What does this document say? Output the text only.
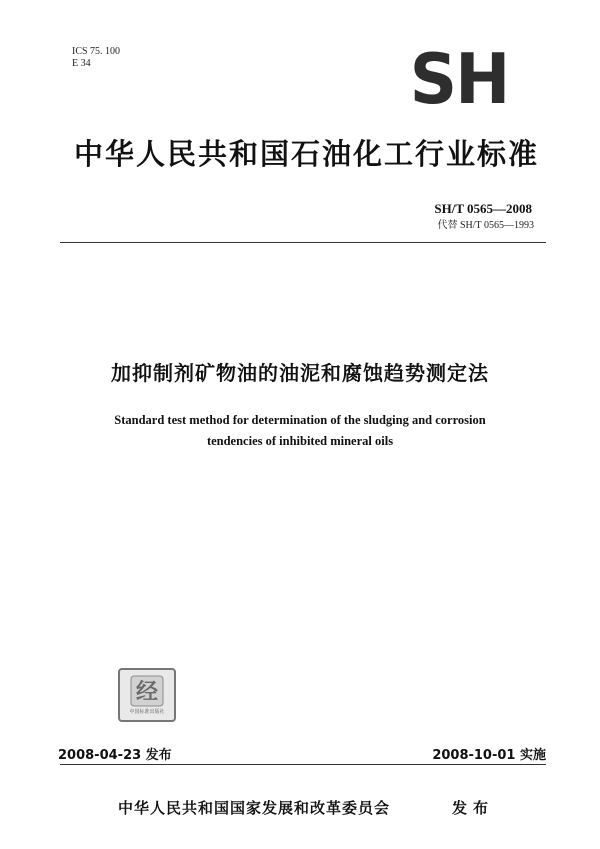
ICS 75. 100
E 34	SH
中华人民共和国石油化工行业标准
SH/T 0565—2008
代替 SH/T 0565—1993
加抑制剂矿物油的油泥和腐蚀趋势测定法
Standard test method for determination of the sludging and corrosion
tendencies of inhibited mineral oils
经
中国标准出版社
2008-04-23 发布	2008-10-01 实施
中华人民共和国国家发展和改革委员会	发布
